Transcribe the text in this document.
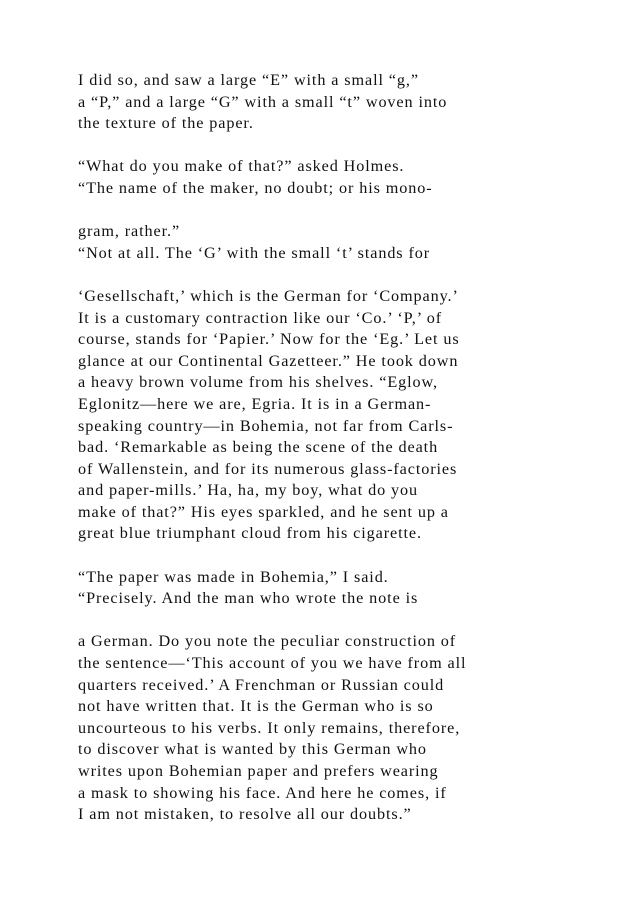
I did so, and saw a large “E” with a small “g,”
a “P,” and a large “G” with a small “t” woven into
the texture of the paper.
“What do you make of that?” asked Holmes.
“The name of the maker, no doubt; or his mono-
gram, rather.”
“Not at all. The ‘G’ with the small ‘t’ stands for
‘Gesellschaft,’ which is the German for ‘Company.’
It is a customary contraction like our ‘Co.’ ‘P,’ of
course, stands for ‘Papier.’ Now for the ‘Eg.’ Let us
glance at our Continental Gazetteer.” He took down
a heavy brown volume from his shelves. “Eglow,
Eglonitz—here we are, Egria. It is in a German-
speaking country—in Bohemia, not far from Carls-
bad. ‘Remarkable as being the scene of the death
of Wallenstein, and for its numerous glass-factories
and paper-mills.’ Ha, ha, my boy, what do you
make of that?” His eyes sparkled, and he sent up a
great blue triumphant cloud from his cigarette.
“The paper was made in Bohemia,” I said.
“Precisely. And the man who wrote the note is
a German. Do you note the peculiar construction of
the sentence—‘This account of you we have from all
quarters received.’ A Frenchman or Russian could
not have written that. It is the German who is so
uncourteous to his verbs. It only remains, therefore,
to discover what is wanted by this German who
writes upon Bohemian paper and prefers wearing
a mask to showing his face. And here he comes, if
I am not mistaken, to resolve all our doubts.”
